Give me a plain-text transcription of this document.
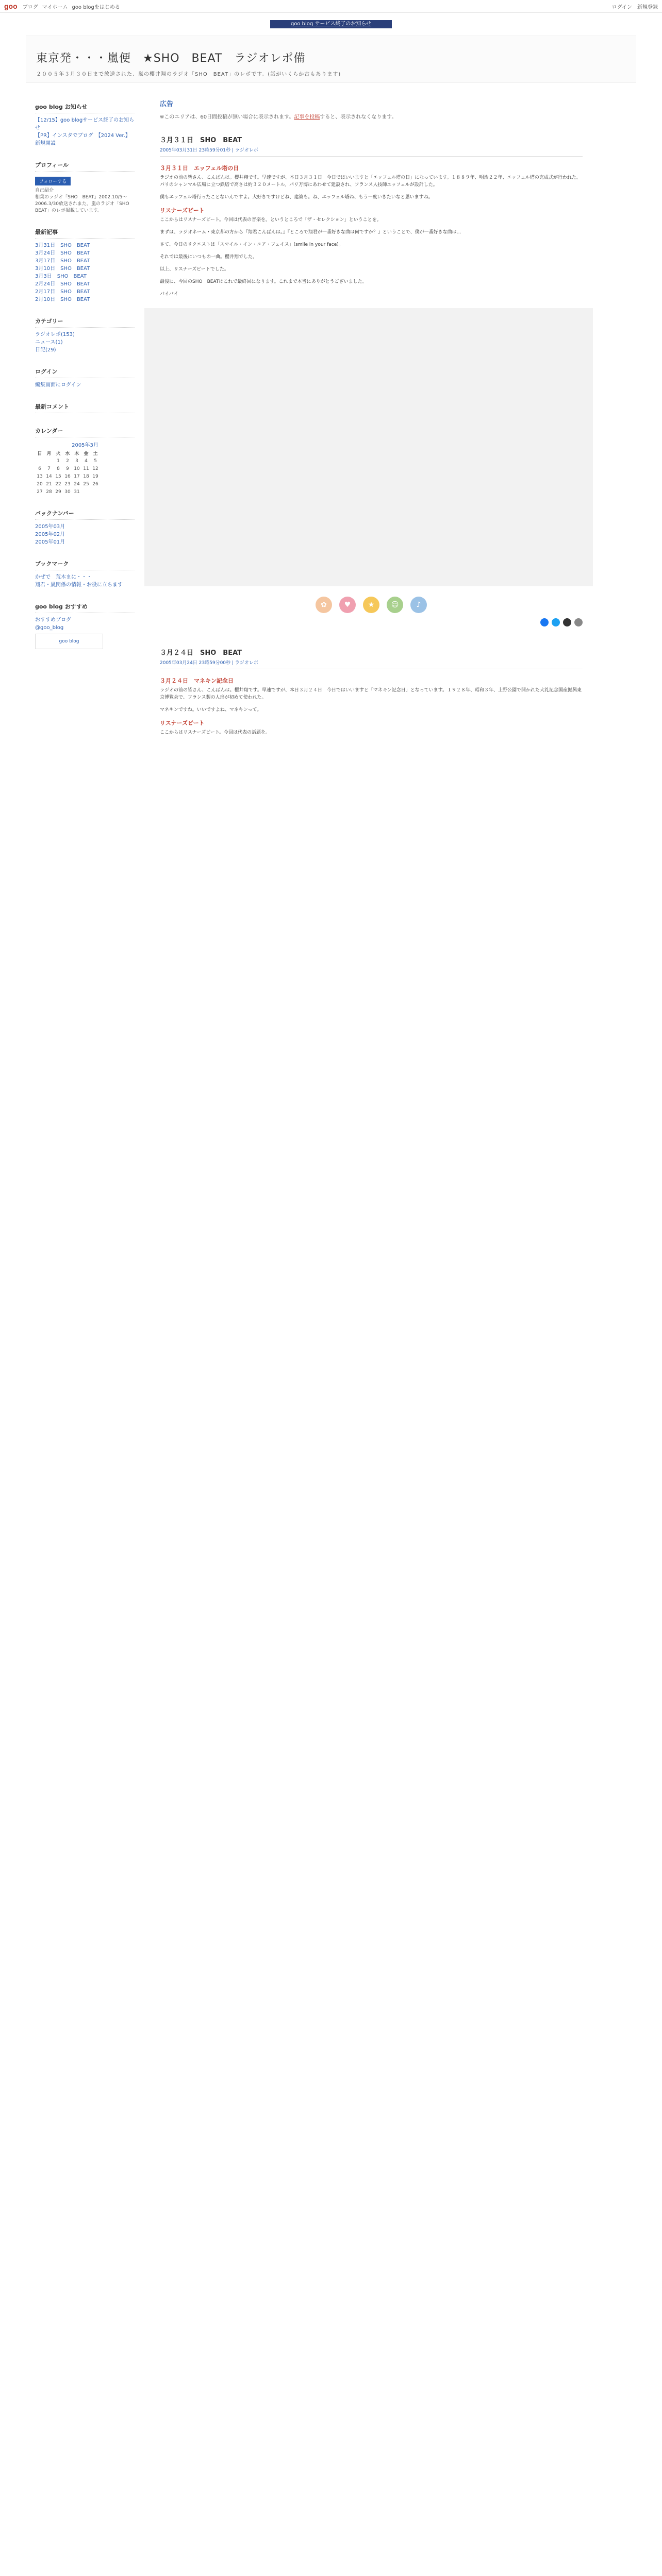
goo ブログ マイホーム goo blogをはじめる	ログイン 新規登録
goo blog サービス終了のお知らせ
東京発・・・嵐便　★SHO　BEAT　ラジオレポ備
２００５年３月３０日まで放送された、嵐の櫻井翔のラジオ「SHO　BEAT」のレポです。(話がいくらか古もあります)
goo blog お知らせ
【12/15】goo blogサービス終了のお知らせ
【PR】インスタでブログ　【2024 Ver.】 新規開設
プロフィール
フォローする
自己紹介
相葉のラジオ「SHO　BEAT」2002.10/5〜2006.3/30放送されまた。嵐のラジオ「SHO BEAT」のレポ掲載しています。
最新記事
3月31日　SHO　BEAT
3月24日　SHO　BEAT
3月17日　SHO　BEAT
3月10日　SHO　BEAT
3月3日　SHO　BEAT
2月24日　SHO　BEAT
2月17日　SHO　BEAT
2月10日　SHO　BEAT
カテゴリー
ラジオレポ(153)
ニュース(1)
日記(29)
ログイン
編集画面にログイン
最新コメント
カレンダー
2005年3月
日	月	火	水	木	金	土
		1	2	3	4	5
6	7	8	9	10	11	12
13	14	15	16	17	18	19
20	21	22	23	24	25	26
27	28	29	30	31		
バックナンバー
2005年03月
2005年02月
2005年01月
ブックマーク
かぜで　荒木まに・・・
翔君・嵐関係の情報・お役に立ちます
goo blog おすすめ
おすすめブログ
@goo_blog
goo blog
広告
※このエリアは、60日間投稿が無い場合に表示されます。記事を投稿すると、表示されなくなります。
３月３１日　SHO　BEAT
2005年03月31日 23時59分01秒 | ラジオレポ
３月３１日　エッフェル塔の日

ラジオの前の皆さん、こんばんは。櫻井翔です。早速ですが、本日３月３１日　今日ではいいますと「エッフェル塔の日」になっています。１８８９年、明治２２年、エッフェル塔の完成式が行われた。パリのシャンマル広場に立つ鉄塔で高さは約３２０メートル。パリ万博にあわせて建設され、フランス人技師エッフェルが設計した。

僕もエッフェル塔行ったことないんですよ。大好きですけどね、建築も。ね、エッフェル塔ね、もう一度いきたいなと思いますね。

リスナーズビート

ここからはリスナーズビート。今回は代表の音楽を。というところで「ザ・セレクション」ということを。

まずは、ラジオネーム・東京都の方から『翔君こんばんは。』『ところで翔君が一番好きな曲は何ですか？』ということで、僕が一番好きな曲は…

さて、今日のリクエストは「スマイル・イン・ユア・フェイス」(smile in your face)。

それでは最後にいつもの一曲。櫻井翔でした。

以上、リスナーズビートでした。

最後に、今回のSHO　BEATはこれで最終回になります。これまで本当にありがとうございました。

バイバイ

✿	♥	★	☺	♪
３月２４日　SHO　BEAT
2005年03月24日 23時59分00秒 | ラジオレポ
３月２４日　マネキン記念日

ラジオの前の皆さん、こんばんは。櫻井翔です。早速ですが、本日３月２４日　今日ではいいますと「マネキン記念日」となっています。１９２８年、昭和３年、上野公園で開かれた大礼記念国産振興東京博覧会で、フランス製の人形が初めて使われた。

マネキンですね。いいですよね、マネキンって。

リスナーズビート

ここからはリスナーズビート。今回は代表の話題を。
